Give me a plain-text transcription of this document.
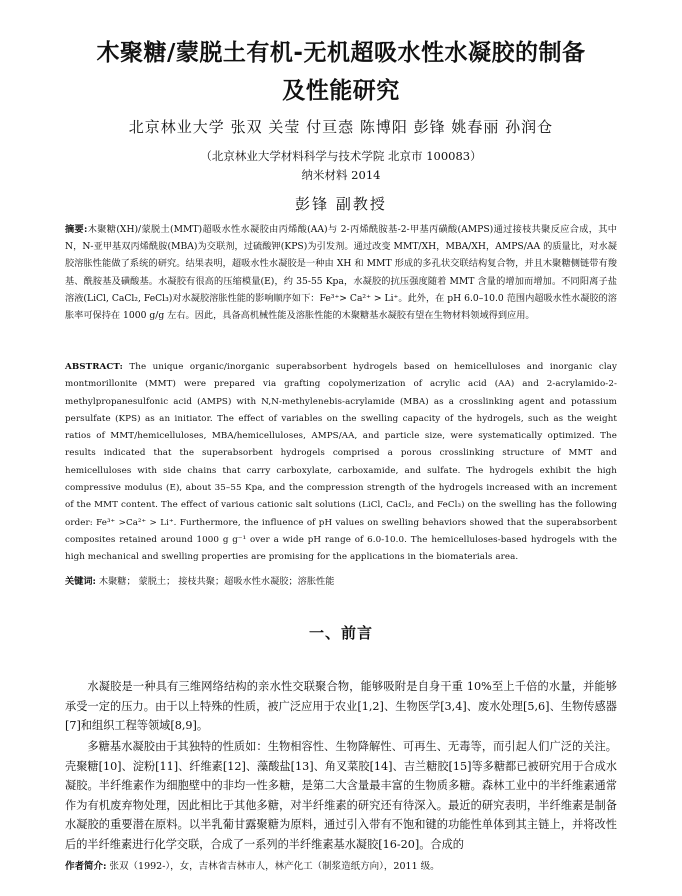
木聚糖/蒙脱土有机-无机超吸水性水凝胶的制备
及性能研究
北京林业大学 张双 关莹 付亘悫 陈博阳 彭锋 姚春丽 孙润仓
（北京林业大学材料科学与技术学院 北京市 100083）
纳米材料 2014
彭锋 副教授
摘要:木聚糖(XH)/蒙脱土(MMT)超吸水性水凝胶由丙烯酸(AA)与 2-丙烯酰胺基-2-甲基丙磺酸(AMPS)通过接枝共聚反应合成，其中 N，N-亚甲基双丙烯酰胺(MBA)为交联剂，过硫酸钾(KPS)为引发剂。通过改变 MMT/XH，MBA/XH，AMPS/AA 的质量比，对水凝胶溶胀性能做了系统的研究。结果表明，超吸水性水凝胶是一种由 XH 和 MMT 形成的多孔状交联结构复合物，并且木聚糖侧链带有羧基、酰胺基及磺酸基。水凝胶有很高的压缩模量(E)，约 35-55 Kpa，水凝胶的抗压强度随着 MMT 含量的增加而增加。不同阳离子盐溶液(LiCl, CaCl₂, FeCl₃)对水凝胶溶胀性能的影响顺序如下：Fe³⁺> Ca²⁺ > Li⁺。此外，在 pH 6.0–10.0 范围内超吸水性水凝胶的溶胀率可保持在 1000 g/g 左右。因此，具备高机械性能及溶胀性能的木聚糖基水凝胶有望在生物材料领域得到应用。
ABSTRACT: The unique organic/inorganic superabsorbent hydrogels based on hemicelluloses and inorganic clay montmorillonite (MMT) were prepared via grafting copolymerization of acrylic acid (AA) and 2-acrylamido-2-methylpropanesulfonic acid (AMPS) with N,N-methylenebis-acrylamide (MBA) as a crosslinking agent and potassium persulfate (KPS) as an initiator. The effect of variables on the swelling capacity of the hydrogels, such as the weight ratios of MMT/hemicelluloses, MBA/hemicelluloses, AMPS/AA, and particle size, were systematically optimized. The results indicated that the superabsorbent hydrogels comprised a porous crosslinking structure of MMT and hemicelluloses with side chains that carry carboxylate, carboxamide, and sulfate. The hydrogels exhibit the high compressive modulus (E), about 35–55 Kpa, and the compression strength of the hydrogels increased with an increment of the MMT content. The effect of various cationic salt solutions (LiCl, CaCl₂, and FeCl₃) on the swelling has the following order: Fe³⁺ >Ca²⁺ > Li⁺. Furthermore, the influence of pH values on swelling behaviors showed that the superabsorbent composites retained around 1000 g g⁻¹ over a wide pH range of 6.0-10.0. The hemicelluloses-based hydrogels with the high mechanical and swelling properties are promising for the applications in the biomaterials area.
关键词: 木聚糖； 蒙脱土； 接枝共聚；超吸水性水凝胶；溶胀性能
一、前言

水凝胶是一种具有三维网络结构的亲水性交联聚合物，能够吸附是自身干重 10%至上千倍的水量，并能够承受一定的压力。由于以上特殊的性质，被广泛应用于农业[1,2]、生物医学[3,4]、废水处理[5,6]、生物传感器[7]和组织工程等领域[8,9]。

多糖基水凝胶由于其独特的性质如：生物相容性、生物降解性、可再生、无毒等，而引起人们广泛的关注。壳聚糖[10]、淀粉[11]、纤维素[12]、藻酸盐[13]、角叉菜胶[14]、吉兰糖胶[15]等多糖都已被研究用于合成水凝胶。半纤维素作为细胞壁中的非均一性多糖，是第二大含量最丰富的生物质多糖。森林工业中的半纤维素通常作为有机废弃物处理，因此相比于其他多糖，对半纤维素的研究还有待深入。最近的研究表明，半纤维素是制备水凝胶的重要潜在原料。以半乳葡甘露聚糖为原料，通过引入带有不饱和键的功能性单体到其主链上，并将改性后的半纤维素进行化学交联，合成了一系列的半纤维素基水凝胶[16-20]。合成的

作者简介: 张双（1992-），女，吉林省吉林市人，林产化工（制浆造纸方向），2011 级。
